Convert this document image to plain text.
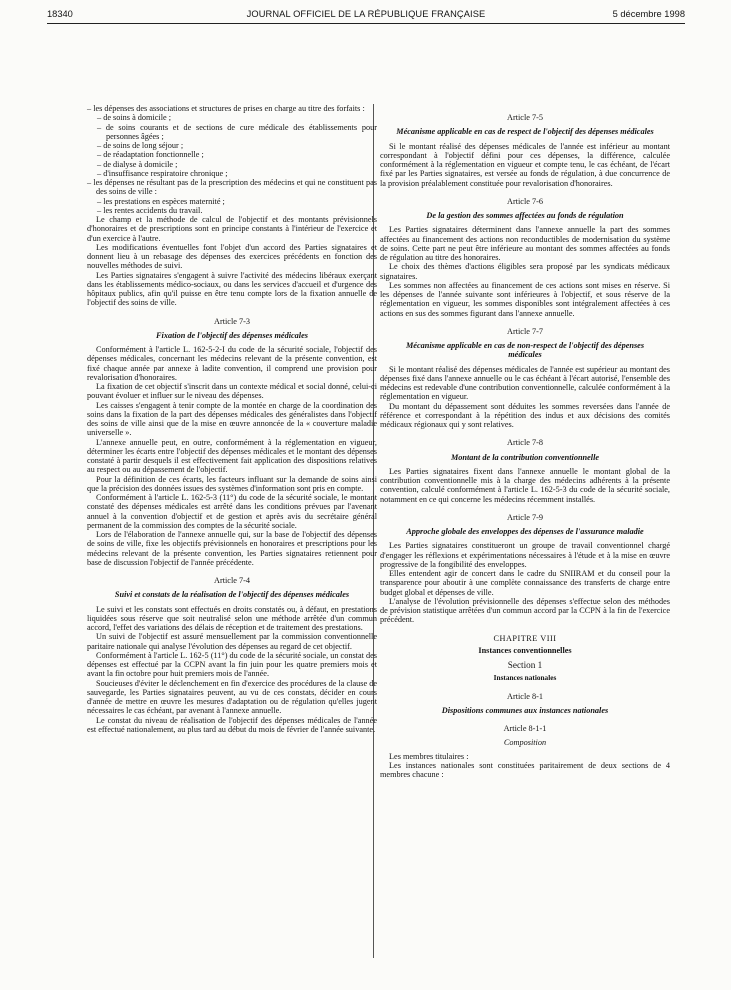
18340	JOURNAL OFFICIEL DE LA RÉPUBLIQUE FRANÇAISE	5 décembre 1998

– les dépenses des associations et structures de prises en charge au titre des forfaits :

– de soins à domicile ;

– de soins courants et de sections de cure médicale des établissements pour personnes âgées ;

– de soins de long séjour ;

– de réadaptation fonctionnelle ;

– de dialyse à domicile ;

– d'insuffisance respiratoire chronique ;

– les dépenses ne résultant pas de la prescription des médecins et qui ne constituent pas des soins de ville :

– les prestations en espèces maternité ;

– les rentes accidents du travail.

Le champ et la méthode de calcul de l'objectif et des montants prévisionnels d'honoraires et de prescriptions sont en principe constants à l'intérieur de l'exercice et d'un exercice à l'autre.

Les modifications éventuelles font l'objet d'un accord des Parties signataires et donnent lieu à un rebasage des dépenses des exercices précédents en fonction des nouvelles méthodes de suivi.

Les Parties signataires s'engagent à suivre l'activité des médecins libéraux exerçant dans les établissements médico-sociaux, ou dans les services d'accueil et d'urgence des hôpitaux publics, afin qu'il puisse en être tenu compte lors de la fixation annuelle de l'objectif des soins de ville.

Article 7-3

Fixation de l'objectif des dépenses médicales

Conformément à l'article L. 162-5-2-I du code de la sécurité sociale, l'objectif des dépenses médicales, concernant les médecins relevant de la présente convention, est fixé chaque année par annexe à ladite convention, il comprend une provision pour revalorisation d'honoraires.

La fixation de cet objectif s'inscrit dans un contexte médical et social donné, celui-ci pouvant évoluer et influer sur le niveau des dépenses.

Les caisses s'engagent à tenir compte de la montée en charge de la coordination des soins dans la fixation de la part des dépenses médicales des généralistes dans l'objectif des soins de ville ainsi que de la mise en œuvre annoncée de la « couverture maladie universelle ».

L'annexe annuelle peut, en outre, conformément à la réglementation en vigueur, déterminer les écarts entre l'objectif des dépenses médicales et le montant des dépenses constaté à partir desquels il est effectivement fait application des dispositions relatives au respect ou au dépassement de l'objectif.

Pour la définition de ces écarts, les facteurs influant sur la demande de soins ainsi que la précision des données issues des systèmes d'information sont pris en compte.

Conformément à l'article L. 162-5-3 (11°) du code de la sécurité sociale, le montant constaté des dépenses médicales est arrêté dans les conditions prévues par l'avenant annuel à la convention d'objectif et de gestion et après avis du secrétaire général permanent de la commission des comptes de la sécurité sociale.

Lors de l'élaboration de l'annexe annuelle qui, sur la base de l'objectif des dépenses de soins de ville, fixe les objectifs prévisionnels en honoraires et prescriptions pour les médecins relevant de la présente convention, les Parties signataires retiennent pour base de discussion l'objectif de l'année précédente.

Article 7-4

Suivi et constats de la réalisation de l'objectif des dépenses médicales

Le suivi et les constats sont effectués en droits constatés ou, à défaut, en prestations liquidées sous réserve que soit neutralisé selon une méthode arrêtée d'un commun accord, l'effet des variations des délais de réception et de traitement des prestations.

Un suivi de l'objectif est assuré mensuellement par la commission conventionnelle paritaire nationale qui analyse l'évolution des dépenses au regard de cet objectif.

Conformément à l'article L. 162-5 (11°) du code de la sécurité sociale, un constat des dépenses est effectué par la CCPN avant la fin juin pour les quatre premiers mois et avant la fin octobre pour huit premiers mois de l'année.

Soucieuses d'éviter le déclenchement en fin d'exercice des procédures de la clause de sauvegarde, les Parties signataires peuvent, au vu de ces constats, décider en cours d'année de mettre en œuvre les mesures d'adaptation ou de régulation qu'elles jugent nécessaires le cas échéant, par avenant à l'annexe annuelle.

Le constat du niveau de réalisation de l'objectif des dépenses médicales de l'année est effectué nationalement, au plus tard au début du mois de février de l'année suivante.

Article 7-5

Mécanisme applicable en cas de respect de l'objectif des dépenses médicales

Si le montant réalisé des dépenses médicales de l'année est inférieur au montant correspondant à l'objectif défini pour ces dépenses, la différence, calculée conformément à la réglementation en vigueur et compte tenu, le cas échéant, de l'écart fixé par les Parties signataires, est versée au fonds de régulation, à due concurrence de la provision préalablement constituée pour revalorisation d'honoraires.

Article 7-6

De la gestion des sommes affectées au fonds de régulation

Les Parties signataires déterminent dans l'annexe annuelle la part des sommes affectées au financement des actions non reconductibles de modernisation du système de soins. Cette part ne peut être inférieure au montant des sommes affectées au fonds de régulation au titre des honoraires.

Le choix des thèmes d'actions éligibles sera proposé par les syndicats médicaux signataires.

Les sommes non affectées au financement de ces actions sont mises en réserve. Si les dépenses de l'année suivante sont inférieures à l'objectif, et sous réserve de la réglementation en vigueur, les sommes disponibles sont intégralement affectées à ces actions en sus des sommes figurant dans l'annexe annuelle.

Article 7-7

Mécanisme applicable en cas de non-respect de l'objectif des dépenses médicales

Si le montant réalisé des dépenses médicales de l'année est supérieur au montant des dépenses fixé dans l'annexe annuelle ou le cas échéant à l'écart autorisé, l'ensemble des médecins est redevable d'une contribution conventionnelle, calculée conformément à la réglementation en vigueur.

Du montant du dépassement sont déduites les sommes reversées dans l'année de référence et correspondant à la répétition des indus et aux décisions des comités médicaux régionaux qui y sont relatives.

Article 7-8

Montant de la contribution conventionnelle

Les Parties signataires fixent dans l'annexe annuelle le montant global de la contribution conventionnelle mis à la charge des médecins adhérents à la présente convention, calculé conformément à l'article L. 162-5-3 du code de la sécurité sociale, notamment en ce qui concerne les médecins récemment installés.

Article 7-9

Approche globale des enveloppes des dépenses de l'assurance maladie

Les Parties signataires constitueront un groupe de travail conventionnel chargé d'engager les réflexions et expérimentations nécessaires à l'étude et à la mise en œuvre progressive de la fongibilité des enveloppes.

Elles entendent agir de concert dans le cadre du SNIIRAM et du conseil pour la transparence pour aboutir à une complète connaissance des transferts de charge entre budget global et dépenses de ville.

L'analyse de l'évolution prévisionnelle des dépenses s'effectue selon des méthodes de prévision statistique arrêtées d'un commun accord par la CCPN à la fin de l'exercice précédent.

CHAPITRE VIII

Instances conventionnelles

Section 1

Instances nationales

Article 8-1

Dispositions communes aux instances nationales

Article 8-1-1

Composition

Les membres titulaires :

Les instances nationales sont constituées paritairement de deux sections de 4 membres chacune :
